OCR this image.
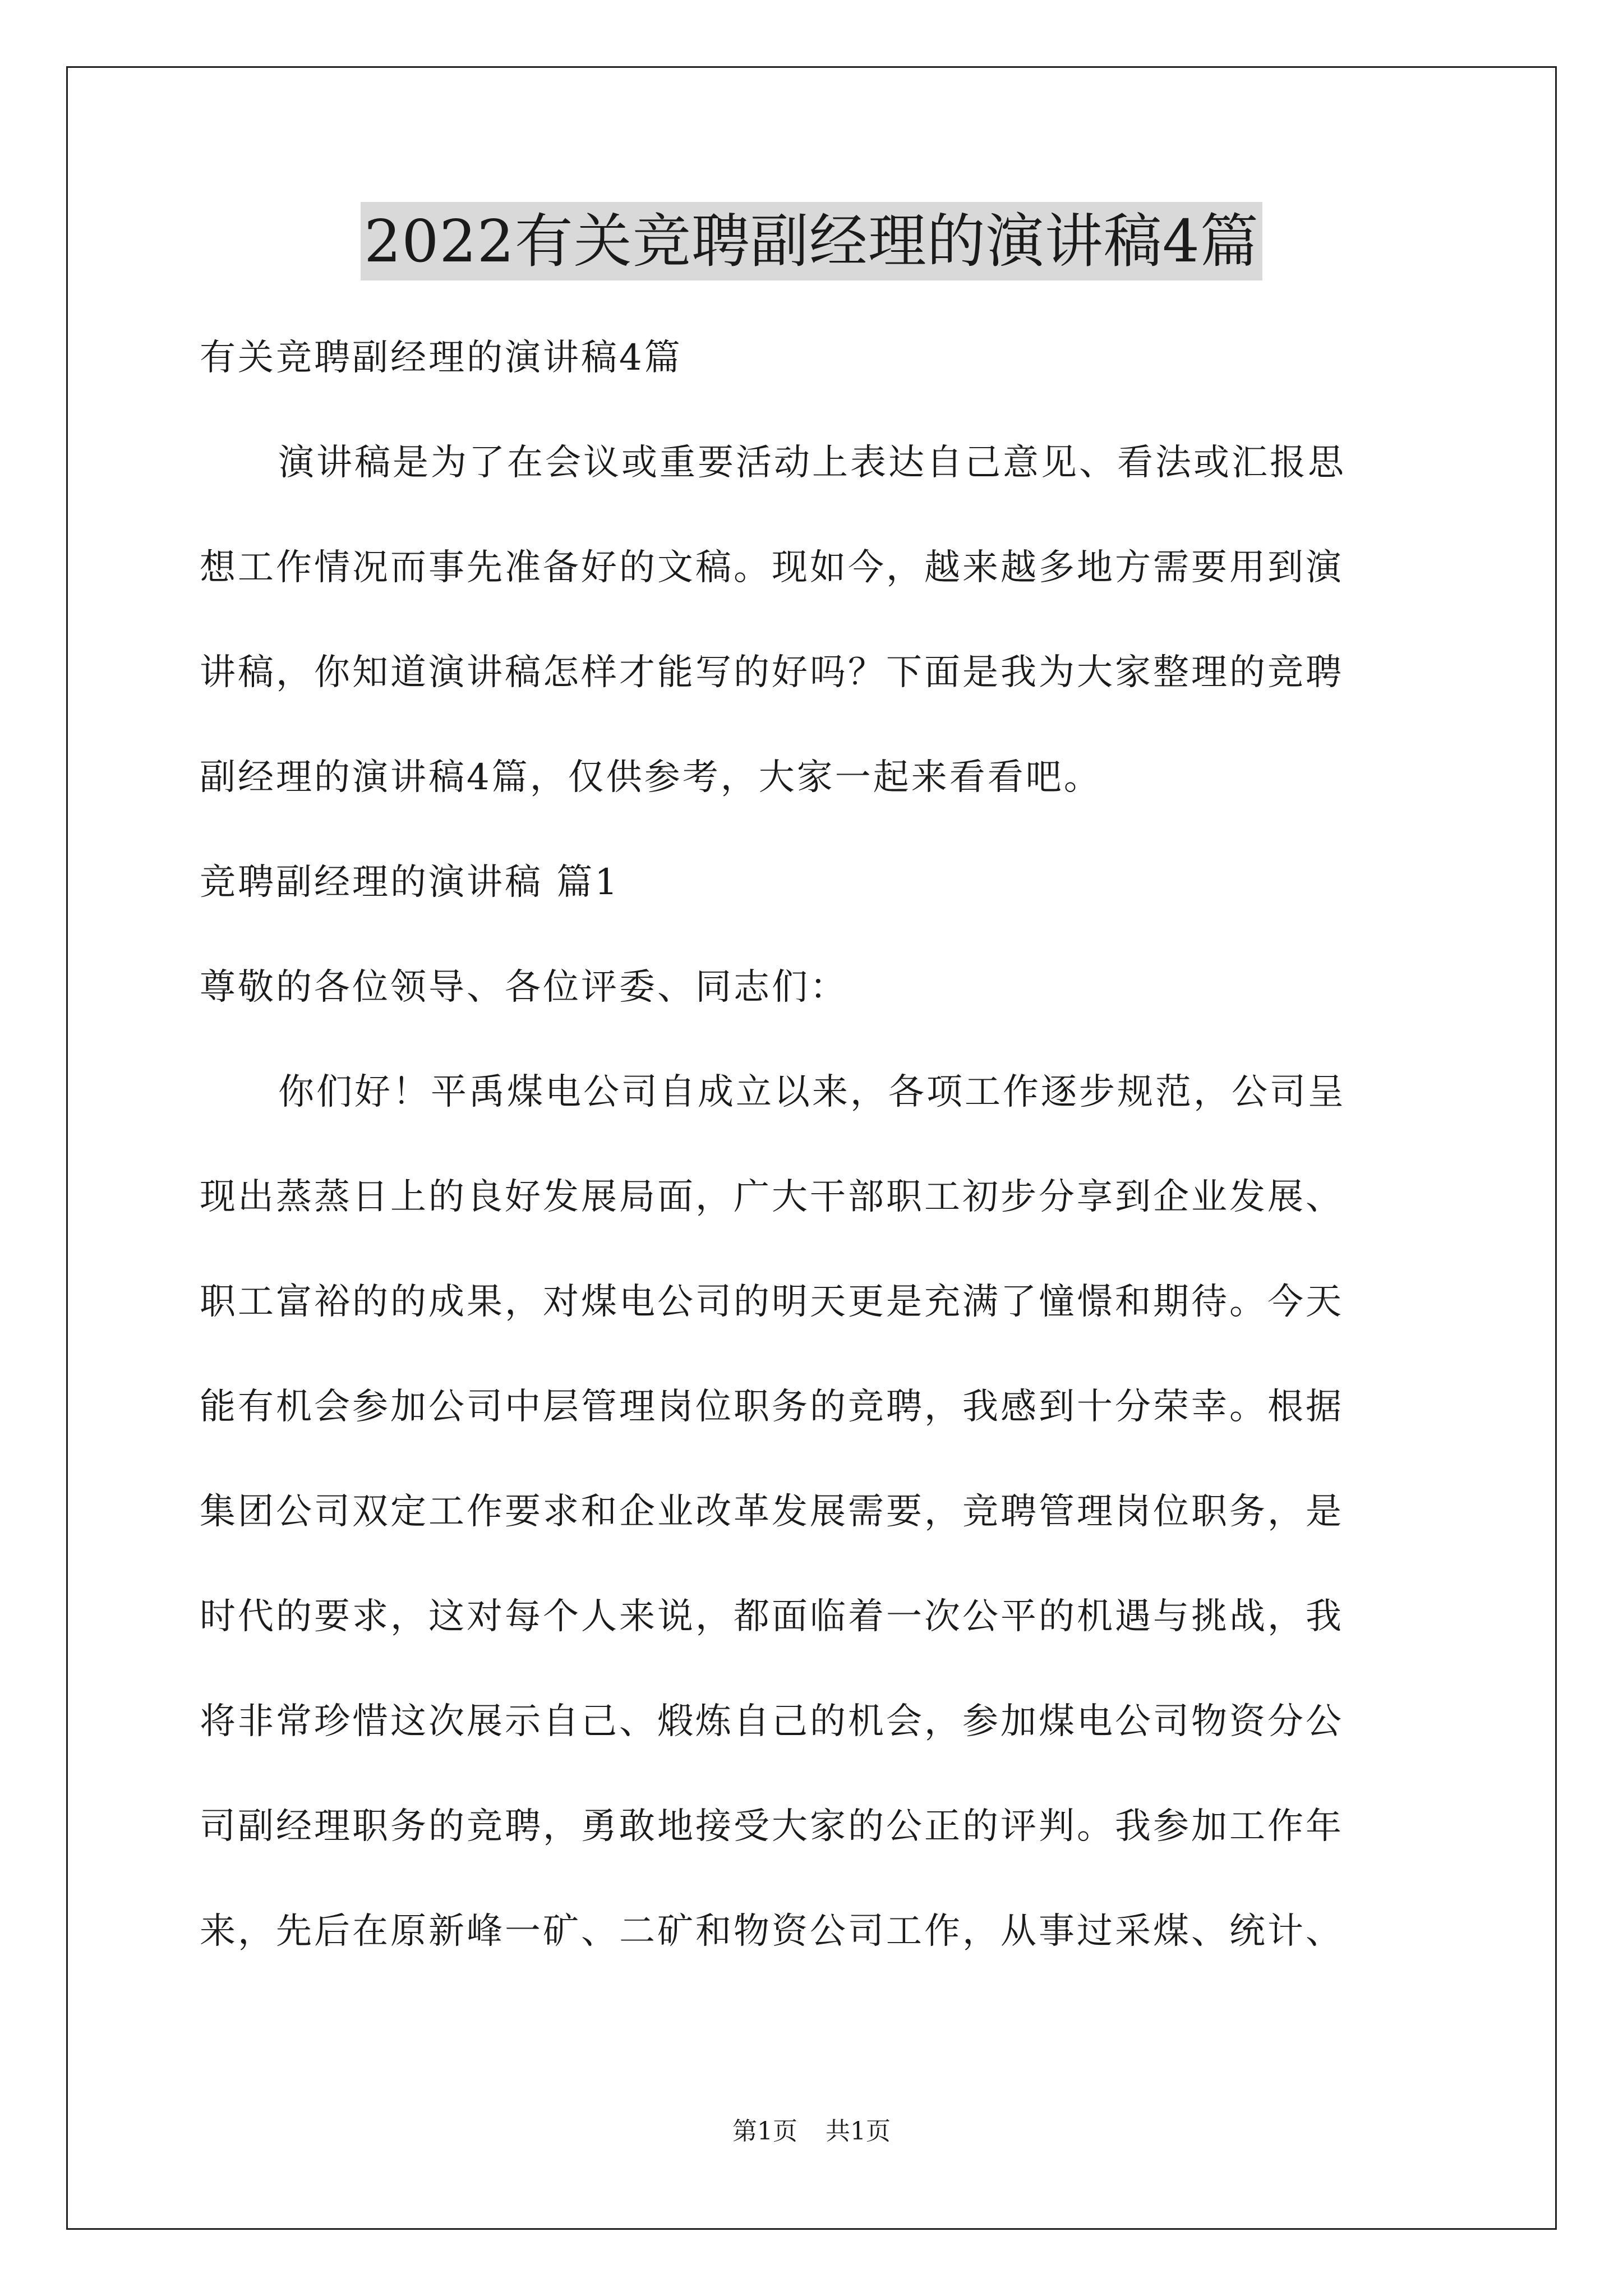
2022有关竞聘副经理的演讲稿4篇
有关竞聘副经理的演讲稿4篇
演讲稿是为了在会议或重要活动上表达自己意见、看法或汇报思
想工作情况而事先准备好的文稿。现如今，越来越多地方需要用到演
讲稿，你知道演讲稿怎样才能写的好吗？下面是我为大家整理的竞聘
副经理的演讲稿4篇，仅供参考，大家一起来看看吧。
竞聘副经理的演讲稿 篇1
尊敬的各位领导、各位评委、同志们：
你们好！平禹煤电公司自成立以来，各项工作逐步规范，公司呈
现出蒸蒸日上的良好发展局面，广大干部职工初步分享到企业发展、
职工富裕的的成果，对煤电公司的明天更是充满了憧憬和期待。今天
能有机会参加公司中层管理岗位职务的竞聘，我感到十分荣幸。根据
集团公司双定工作要求和企业改革发展需要，竞聘管理岗位职务，是
时代的要求，这对每个人来说，都面临着一次公平的机遇与挑战，我
将非常珍惜这次展示自己、煅炼自己的机会，参加煤电公司物资分公
司副经理职务的竞聘，勇敢地接受大家的公正的评判。我参加工作年
来，先后在原新峰一矿、二矿和物资公司工作，从事过采煤、统计、
第1页 共1页
